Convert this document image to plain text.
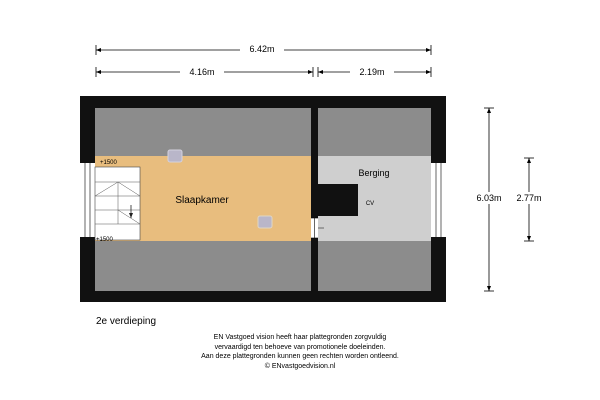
6.42m
4.16m	2.19m
6.03m 2.77m
Slaapkamer
Berging
CV
+1500
+1500
2e verdieping
EN Vastgoed vision heeft haar plattegronden zorgvuldig
vervaardigd ten behoeve van promotionele doeleinden.
Aan deze plattegronden kunnen geen rechten worden ontleend.
© ENvastgoedvision.nl
